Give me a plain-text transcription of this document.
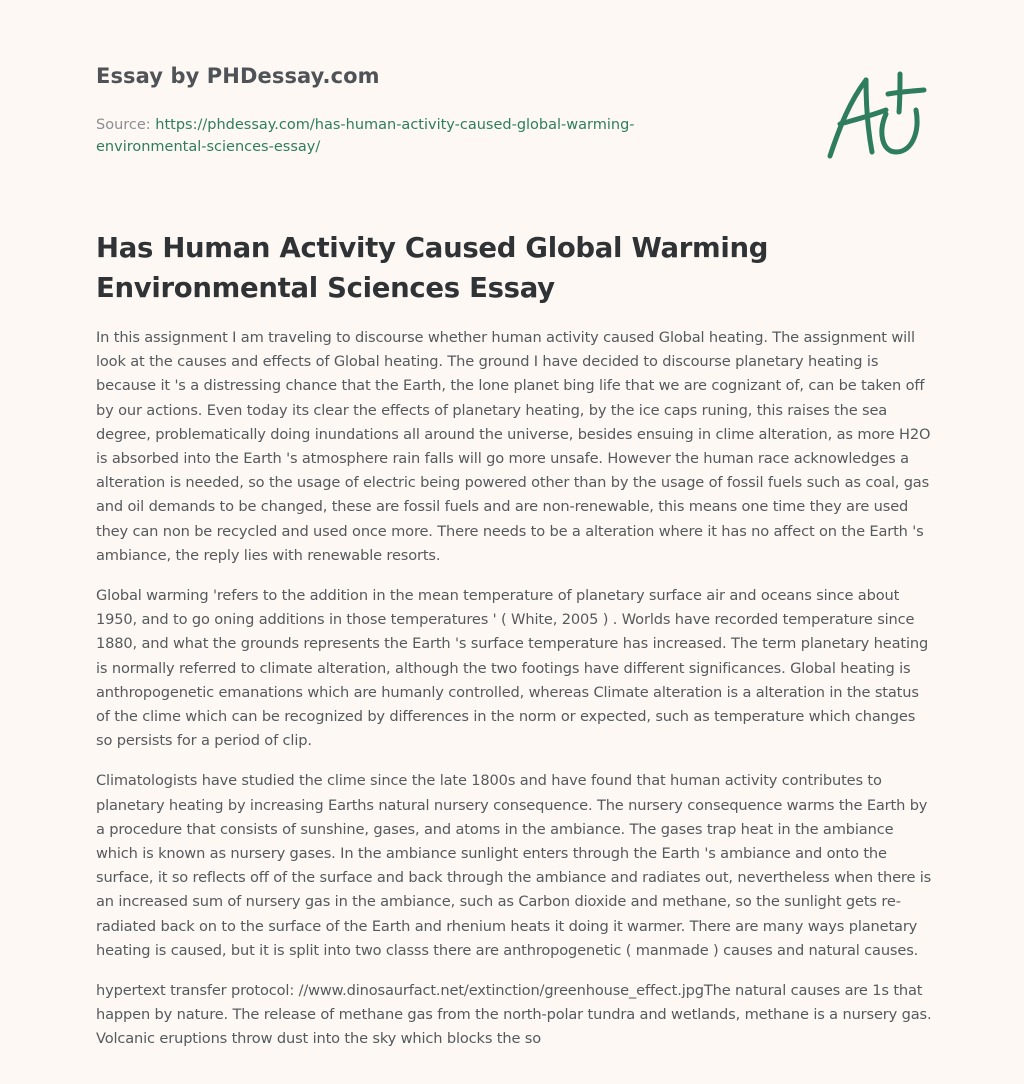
Essay by PHDessay.com
Source: https://phdessay.com/has-human-activity-caused-global-warming-environmental-sciences-essay/
Has Human Activity Caused Global Warming Environmental Sciences Essay

In this assignment I am traveling to discourse whether human activity caused Global heating. The assignment will look at the causes and effects of Global heating. The ground I have decided to discourse planetary heating is because it 's a distressing chance that the Earth, the lone planet bing life that we are cognizant of, can be taken off by our actions. Even today its clear the effects of planetary heating, by the ice caps runing, this raises the sea degree, problematically doing inundations all around the universe, besides ensuing in clime alteration, as more H2O is absorbed into the Earth 's atmosphere rain falls will go more unsafe. However the human race acknowledges a alteration is needed, so the usage of electric being powered other than by the usage of fossil fuels such as coal, gas and oil demands to be changed, these are fossil fuels and are non-renewable, this means one time they are used they can non be recycled and used once more. There needs to be a alteration where it has no affect on the Earth 's ambiance, the reply lies with renewable resorts.

Global warming 'refers to the addition in the mean temperature of planetary surface air and oceans since about 1950, and to go oning additions in those temperatures ' ( White, 2005 ) . Worlds have recorded temperature since 1880, and what the grounds represents the Earth 's surface temperature has increased. The term planetary heating is normally referred to climate alteration, although the two footings have different significances. Global heating is anthropogenetic emanations which are humanly controlled, whereas Climate alteration is a alteration in the status of the clime which can be recognized by differences in the norm or expected, such as temperature which changes so persists for a period of clip.

Climatologists have studied the clime since the late 1800s and have found that human activity contributes to planetary heating by increasing Earths natural nursery consequence. The nursery consequence warms the Earth by a procedure that consists of sunshine, gases, and atoms in the ambiance. The gases trap heat in the ambiance which is known as nursery gases. In the ambiance sunlight enters through the Earth 's ambiance and onto the surface, it so reflects off of the surface and back through the ambiance and radiates out, nevertheless when there is an increased sum of nursery gas in the ambiance, such as Carbon dioxide and methane, so the sunlight gets re-radiated back on to the surface of the Earth and rhenium heats it doing it warmer. There are many ways planetary heating is caused, but it is split into two classs there are anthropogenetic ( manmade ) causes and natural causes.

hypertext transfer protocol: //www.dinosaurfact.net/extinction/greenhouse_effect.jpgThe natural causes are 1s that happen by nature. The release of methane gas from the north-polar tundra and wetlands, methane is a nursery gas. Volcanic eruptions throw dust into the sky which blocks the so
